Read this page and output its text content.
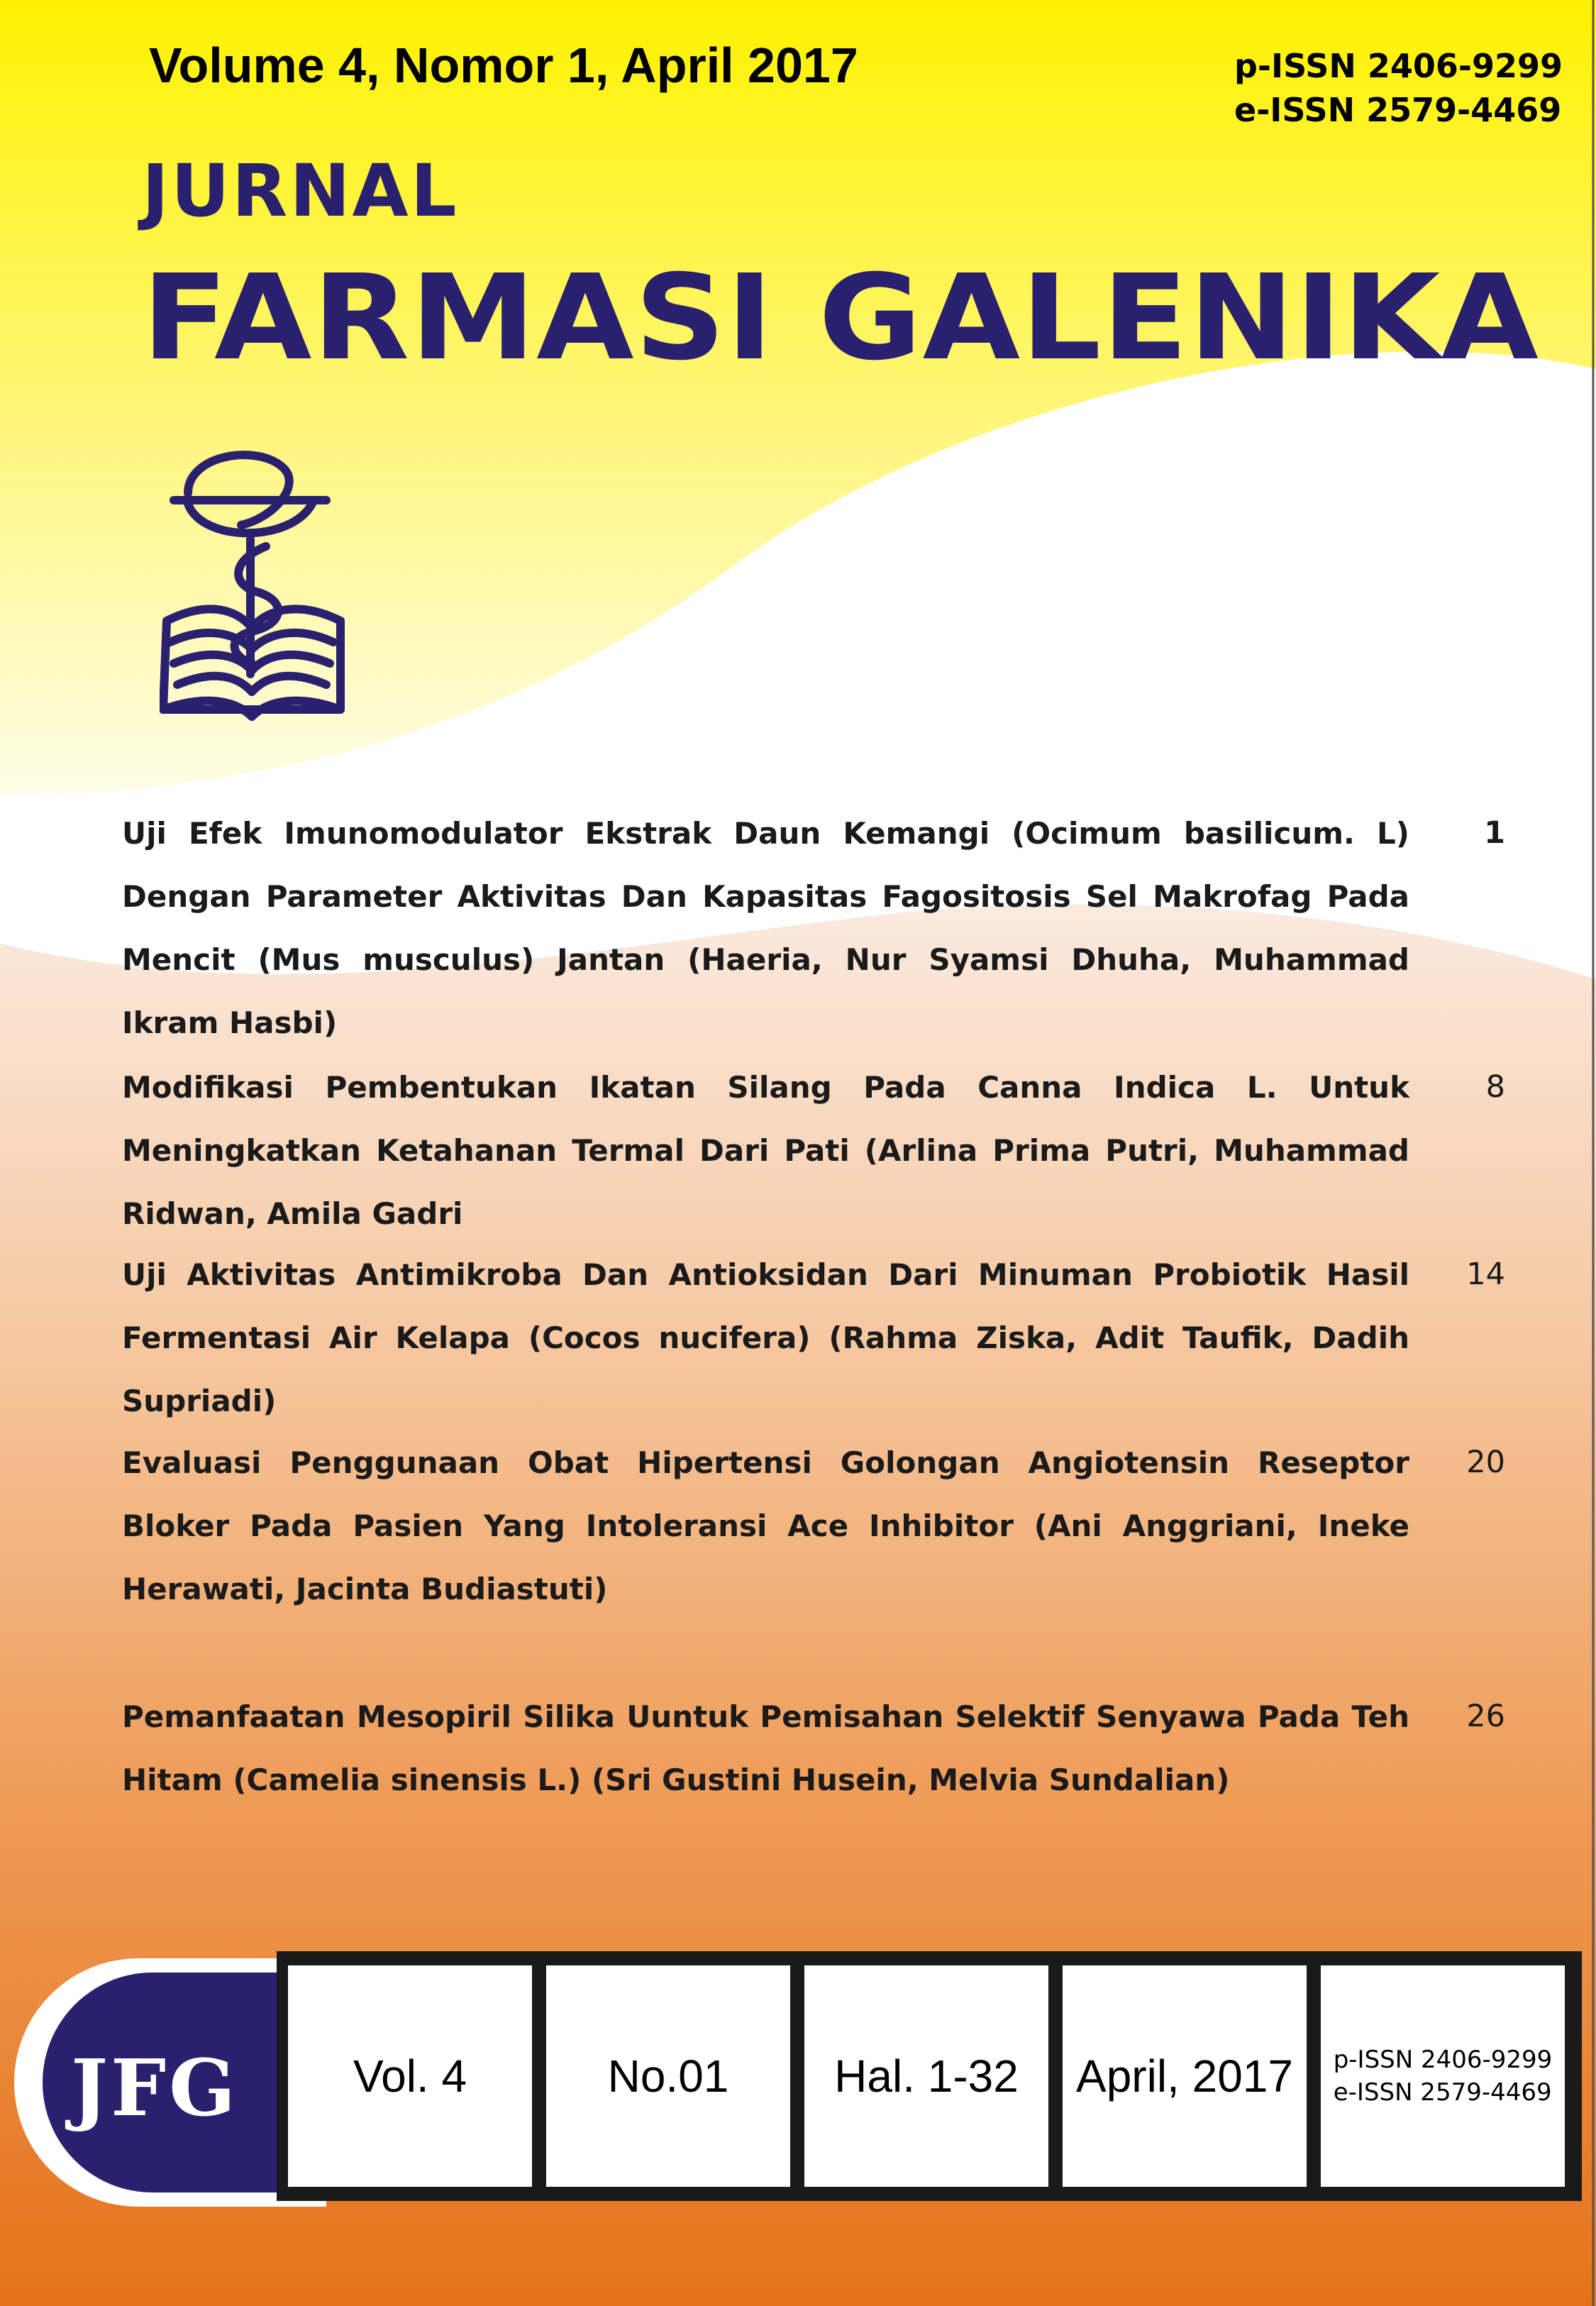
Volume 4, Nomor 1, April 2017	p-ISSN 2406-9299
e-ISSN 2579-4469
JURNAL
FARMASI GALENIKA
Uji Efek Imunomodulator Ekstrak Daun Kemangi (Ocimum basilicum. L) Dengan Parameter Aktivitas Dan Kapasitas Fagositosis Sel Makrofag Pada Mencit (Mus musculus) Jantan (Haeria, Nur Syamsi Dhuha, Muhammad Ikram Hasbi)
1
Modifikasi Pembentukan Ikatan Silang Pada Canna Indica L. Untuk Meningkatkan Ketahanan Termal Dari Pati (Arlina Prima Putri, Muhammad Ridwan, Amila Gadri
8
Uji Aktivitas Antimikroba Dan Antioksidan Dari Minuman Probiotik Hasil Fermentasi Air Kelapa (Cocos nucifera) (Rahma Ziska, Adit Taufik, Dadih Supriadi)
14
Evaluasi Penggunaan Obat Hipertensi Golongan Angiotensin Reseptor Bloker Pada Pasien Yang Intoleransi Ace Inhibitor (Ani Anggriani, Ineke Herawati, Jacinta Budiastuti)
20
Pemanfaatan Mesopiril Silika Uuntuk Pemisahan Selektif Senyawa Pada Teh Hitam (Camelia sinensis L.) (Sri Gustini Husein, Melvia Sundalian)
26
JFG	Vol. 4	No.01 Hal. 1-32 April, 2017 p-ISSN 2406-9299
e-ISSN 2579-4469
